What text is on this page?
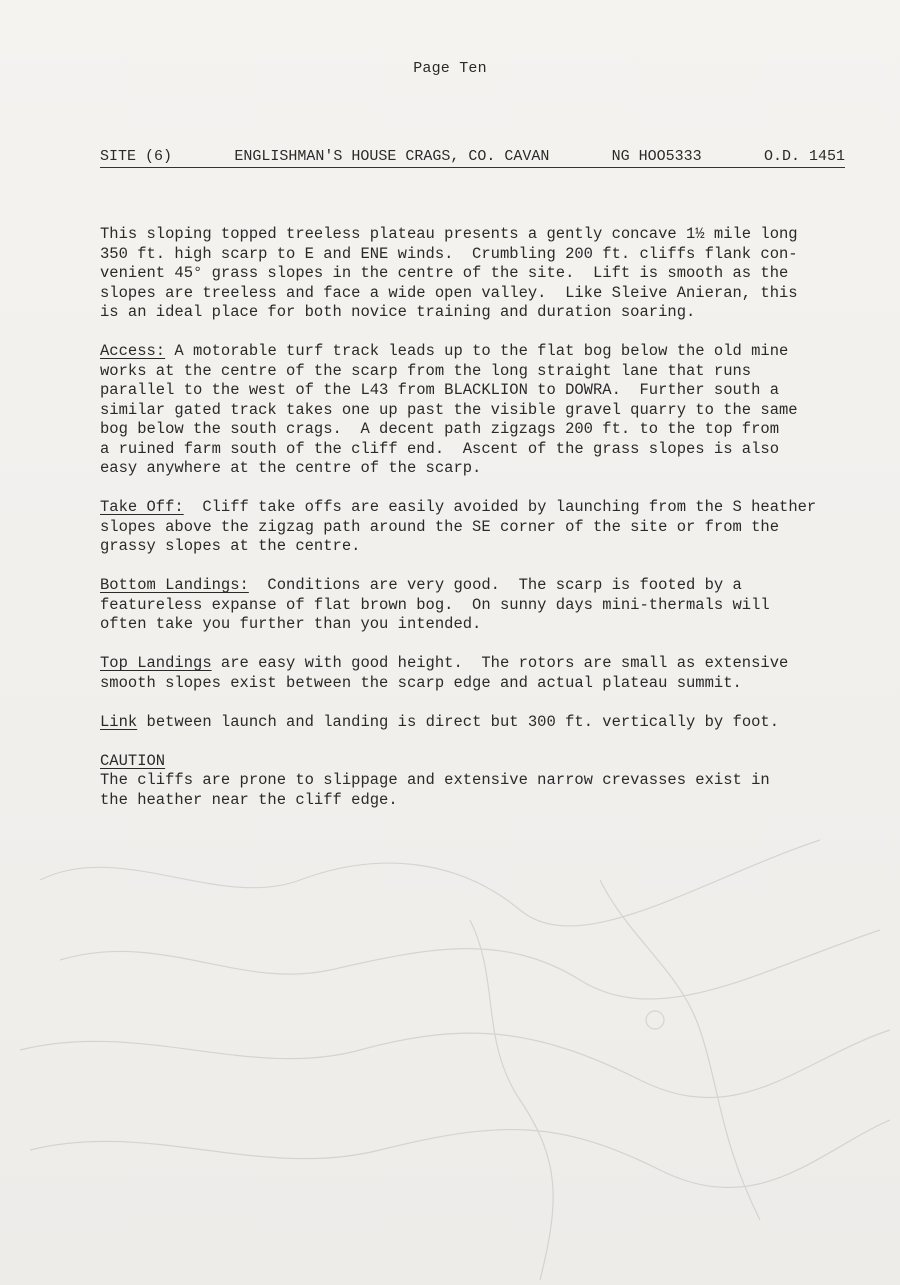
Page Ten
SITE (6)	ENGLISHMAN'S HOUSE CRAGS, CO. CAVAN	NG HOO5333	O.D. 1451

This sloping topped treeless plateau presents a gently concave 1½ mile long
350 ft. high scarp to E and ENE winds.  Crumbling 200 ft. cliffs flank con-
venient 45° grass slopes in the centre of the site.  Lift is smooth as the
slopes are treeless and face a wide open valley.  Like Sleive Anieran, this
is an ideal place for both novice training and duration soaring.

Access: A motorable turf track leads up to the flat bog below the old mine
works at the centre of the scarp from the long straight lane that runs
parallel to the west of the L43 from BLACKLION to DOWRA.  Further south a
similar gated track takes one up past the visible gravel quarry to the same
bog below the south crags.  A decent path zigzags 200 ft. to the top from
a ruined farm south of the cliff end.  Ascent of the grass slopes is also
easy anywhere at the centre of the scarp.

Take Off:  Cliff take offs are easily avoided by launching from the S heather
slopes above the zigzag path around the SE corner of the site or from the
grassy slopes at the centre.

Bottom Landings:  Conditions are very good.  The scarp is footed by a
featureless expanse of flat brown bog.  On sunny days mini-thermals will
often take you further than you intended.

Top Landings are easy with good height.  The rotors are small as extensive
smooth slopes exist between the scarp edge and actual plateau summit.

Link between launch and landing is direct but 300 ft. vertically by foot.

CAUTION
The cliffs are prone to slippage and extensive narrow crevasses exist in
the heather near the cliff edge.
